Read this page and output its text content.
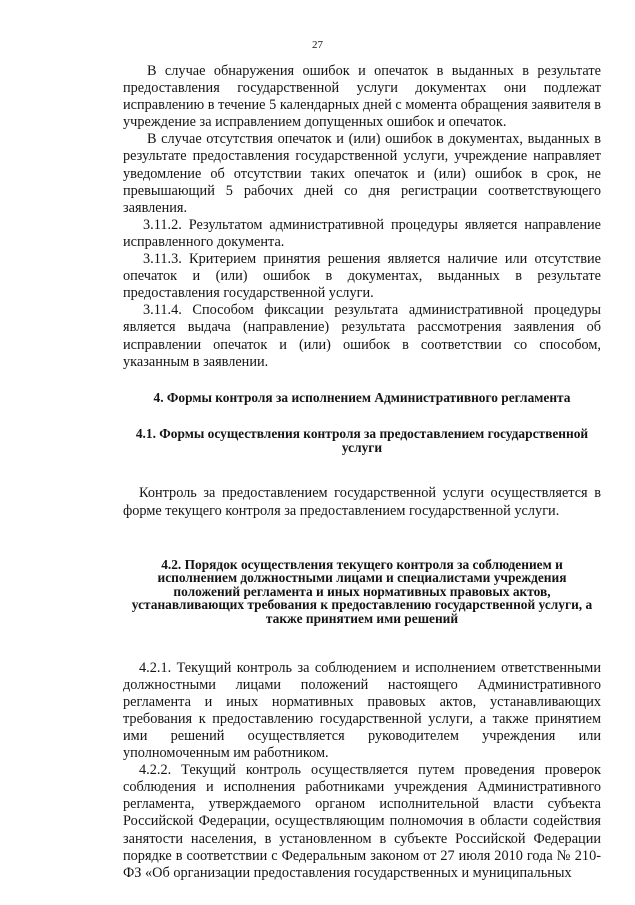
27

В случае обнаружения ошибок и опечаток в выданных в результате предоставления государственной услуги документах они подлежат исправлению в течение 5 календарных дней с момента обращения заявителя в учреждение за исправлением допущенных ошибок и опечаток.

В случае отсутствия опечаток и (или) ошибок в документах, выданных в результате предоставления государственной услуги, учреждение направляет уведомление об отсутствии таких опечаток и (или) ошибок в срок, не превышающий 5 рабочих дней со дня регистрации соответствующего заявления.

3.11.2. Результатом административной процедуры является направление исправленного документа.

3.11.3. Критерием принятия решения является наличие или отсутствие опечаток и (или) ошибок в документах, выданных в результате предоставления государственной услуги.

3.11.4. Способом фиксации результата административной процедуры является выдача (направление) результата рассмотрения заявления об исправлении опечаток и (или) ошибок в соответствии со способом, указанным в заявлении.

4. Формы контроля за исполнением Административного регламента

4.1. Формы осуществления контроля за предоставлением государственной услуги

Контроль за предоставлением государственной услуги осуществляется в форме текущего контроля за предоставлением государственной услуги.

4.2. Порядок осуществления текущего контроля за соблюдением и исполнением должностными лицами и специалистами учреждения положений регламента и иных нормативных правовых актов, устанавливающих требования к предоставлению государственной услуги, а также принятием ими решений

4.2.1. Текущий контроль за соблюдением и исполнением ответственными должностными лицами положений настоящего Административного регламента и иных нормативных правовых актов, устанавливающих требования к предоставлению государственной услуги, а также принятием ими решений осуществляется руководителем учреждения или уполномоченным им работником.

4.2.2. Текущий контроль осуществляется путем проведения проверок соблюдения и исполнения работниками учреждения Административного регламента, утверждаемого органом исполнительной власти субъекта Российской Федерации, осуществляющим полномочия в области содействия занятости населения, в установленном в субъекте Российской Федерации порядке в соответствии с Федеральным законом от 27 июля 2010 года № 210-ФЗ «Об организации предоставления государственных и муниципальных
